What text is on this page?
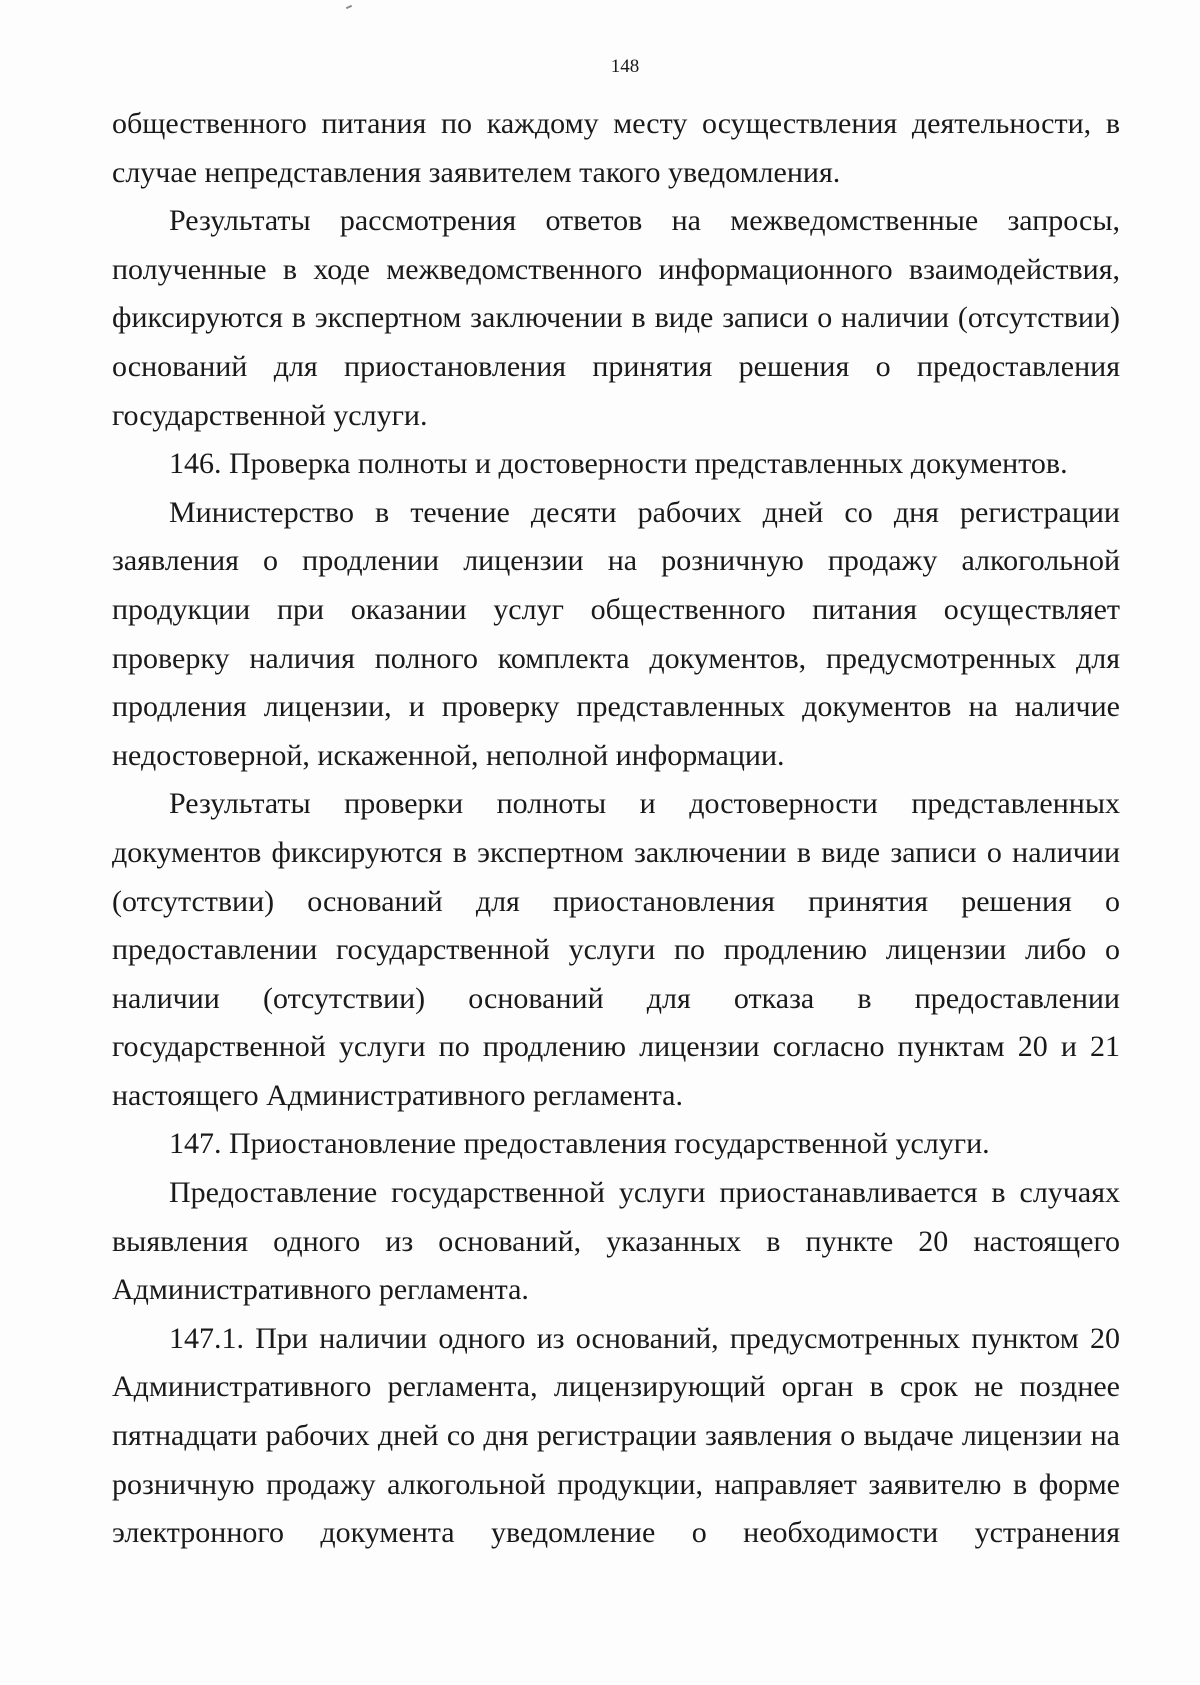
148

общественного питания по каждому месту осуществления деятельности, в случае непредставления заявителем такого уведомления.

Результаты рассмотрения ответов на межведомственные запросы, полученные в ходе межведомственного информационного взаимодействия, фиксируются в экспертном заключении в виде записи о наличии (отсутствии) оснований для приостановления принятия решения о предоставления государственной услуги.

146. Проверка полноты и достоверности представленных документов.

Министерство в течение десяти рабочих дней со дня регистрации заявления о продлении лицензии на розничную продажу алкогольной продукции при оказании услуг общественного питания осуществляет проверку наличия полного комплекта документов, предусмотренных для продления лицензии, и проверку представленных документов на наличие недостоверной, искаженной, неполной информации.

Результаты проверки полноты и достоверности представленных документов фиксируются в экспертном заключении в виде записи о наличии (отсутствии) оснований для приостановления принятия решения о предоставлении государственной услуги по продлению лицензии либо о наличии (отсутствии) оснований для отказа в предоставлении государственной услуги по продлению лицензии согласно пунктам 20 и 21 настоящего Административного регламента.

147. Приостановление предоставления государственной услуги.

Предоставление государственной услуги приостанавливается в случаях выявления одного из оснований, указанных в пункте 20 настоящего Административного регламента.

147.1. При наличии одного из оснований, предусмотренных пунктом 20 Административного регламента, лицензирующий орган в срок не позднее пятнадцати рабочих дней со дня регистрации заявления о выдаче лицензии на розничную продажу алкогольной продукции, направляет заявителю в форме электронного документа уведомление о необходимости устранения
